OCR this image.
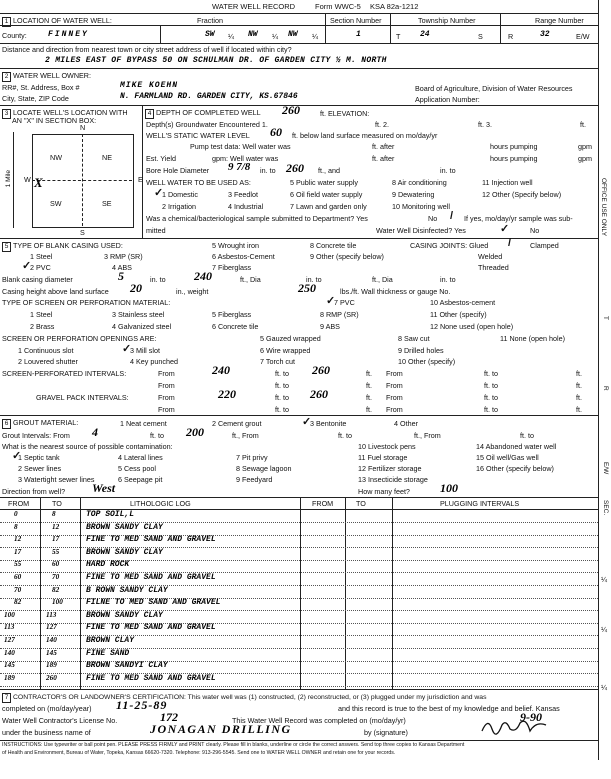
WATER WELL RECORD	Form WWC-5 KSA 82a-1212
1 LOCATION OF WATER WELL:	Fraction	Section Number	Township Number	Range Number
County:	FINNEY	SW ¼ NW ¼ NW ¼	1	T 24	S	R	32	E/W
Distance and direction from nearest town or city street address of well if located within city?
2 MILES EAST OF BYPASS 50 ON SCHULMAN DR. OF GARDEN CITY ½ M. NORTH
2 WATER WELL OWNER:
RR#, St. Address, Box #	MIKE KOEHN	Board of Agriculture, Division of Water Resources
City, State, ZIP Code	N. FARMLAND RD. GARDEN CITY, KS.67846	Application Number:
3 LOCATE WELL'S LOCATION WITH
AN "X" IN SECTION BOX:
N
S
E
W
1 Mile
NW	NE
SW	SE
X
4 DEPTH OF COMPLETED WELL 260	ft. ELEVATION:
Depth(s) Groundwater Encountered 1.	ft. 2.	ft. 3.	ft.
WELL'S STATIC WATER LEVEL 60 ft. below land surface measured on mo/day/yr
Pump test data: Well water was	ft. after	hours pumping	gpm
Est. Yield	gpm: Well water was	ft. after	hours pumping	gpm
Bore Hole Diameter 9 7/8 in. to 260 ft., and	in. to
WELL WATER TO BE USED AS:	5 Public water supply	8 Air conditioning	11 Injection well
1 Domestic
✓	3 Feedlot	6 Oil field water supply	9 Dewatering	12 Other (Specify below)
2 Irrigation	4 Industrial	7 Lawn and garden only	10 Monitoring well
Was a chemical/bacteriological sample submitted to Department? Yes	No / If yes, mo/day/yr sample was sub-
mitted	Water Well Disinfected? Yes	✓	No
5 TYPE OF BLANK CASING USED:	5 Wrought iron	8 Concrete tile	CASING JOINTS: Glued /	Clamped
1 Steel	3 RMP (SR)	6 Asbestos-Cement	9 Other (specify below)	Welded
2 PVC
✓	4 ABS	7 Fiberglass	Threaded
Blank casing diameter	5	in. to 240	ft., Dia	in. to	ft., Dia	in. to
Casing height above land surface 20	in., weight	250	lbs./ft. Wall thickness or gauge No.
TYPE OF SCREEN OR PERFORATION MATERIAL:	7 PVC
✓	10 Asbestos-cement
1 Steel	3 Stainless steel	5 Fiberglass	8 RMP (SR)	11 Other (specify)
2 Brass	4 Galvanized steel	6 Concrete tile	9 ABS	12 None used (open hole)
SCREEN OR PERFORATION OPENINGS ARE:	5 Gauzed wrapped	8 Saw cut	11 None (open hole)
1 Continuous slot	3 Mill slot
✓	6 Wire wrapped	9 Drilled holes
2 Louvered shutter	4 Key punched	7 Torch cut	10 Other (specify)
SCREEN-PERFORATED INTERVALS:	From	240	ft. to 260	ft. From	ft. to	ft.
From	ft. to	ft. From	ft. to	ft.
GRAVEL PACK INTERVALS:	From	220	ft. to 260	ft. From	ft. to	ft.
From	ft. to	ft. From	ft. to	ft.
6 GROUT MATERIAL:	1 Neat cement	2 Cement grout	3 Bentonite
✓	4 Other
Grout Intervals: From 4	ft. to 200	ft., From	ft. to	ft., From	ft. to
What is the nearest source of possible contamination:	10 Livestock pens	14 Abandoned water well
1 Septic tank
✓	4 Lateral lines	7 Pit privy	11 Fuel storage	15 Oil well/Gas well
2 Sewer lines	5 Cess pool	8 Sewage lagoon	12 Fertilizer storage	16 Other (specify below)
3 Watertight sewer lines	6 Seepage pit	9 Feedyard	13 Insecticide storage
Direction from well? West	How many feet?	100
FROM	TO	LITHOLOGIC LOG	FROM	TO	PLUGGING INTERVALS
0	8	TOP SOIL,L
8	12	BROWN SANDY CLAY
12	17	FINE TO MED SAND AND GRAVEL
17	55	BROWN SANDY CLAY
55	60	HARD ROCK
60	70	FINE TO MED SAND AND GRAVEL
70	82	B ROWN SANDY CLAY
82	100	FILNE TO MED SAND AND GRAVEL
100	113	BROWN SANDY CLAY
113	127	FINE TO MED SAND AND GRAVEL
127	140	BROWN CLAY
140	145	FINE SAND
145	189	BROWN SANDYI CLAY
189	260	FINE TO MED SAND AND GRAVEL
7 CONTRACTOR'S OR LANDOWNER'S CERTIFICATION: This water well was (1) constructed, (2) reconstructed, or (3) plugged under my jurisdiction and was
completed on (mo/day/year) 11-25-89	and this record is true to the best of my knowledge and belief. Kansas
Water Well Contractor's License No.	172	This Water Well Record was completed on (mo/day/yr)	9-90
under the business name of	JONAGAN DRILLING	by (signature)
INSTRUCTIONS: Use typewriter or ball point pen. PLEASE PRESS FIRMLY and PRINT clearly. Please fill in blanks, underline or circle the correct answers. Send top three copies to Kansas Department
of Health and Environment, Bureau of Water, Topeka, Kansas 66620-7320. Telephone: 913-296-5545. Send one to WATER WELL OWNER and retain one for your records.
OFFICE USE ONLY
T
R
E/W
SEC.
¼
¼
¼
